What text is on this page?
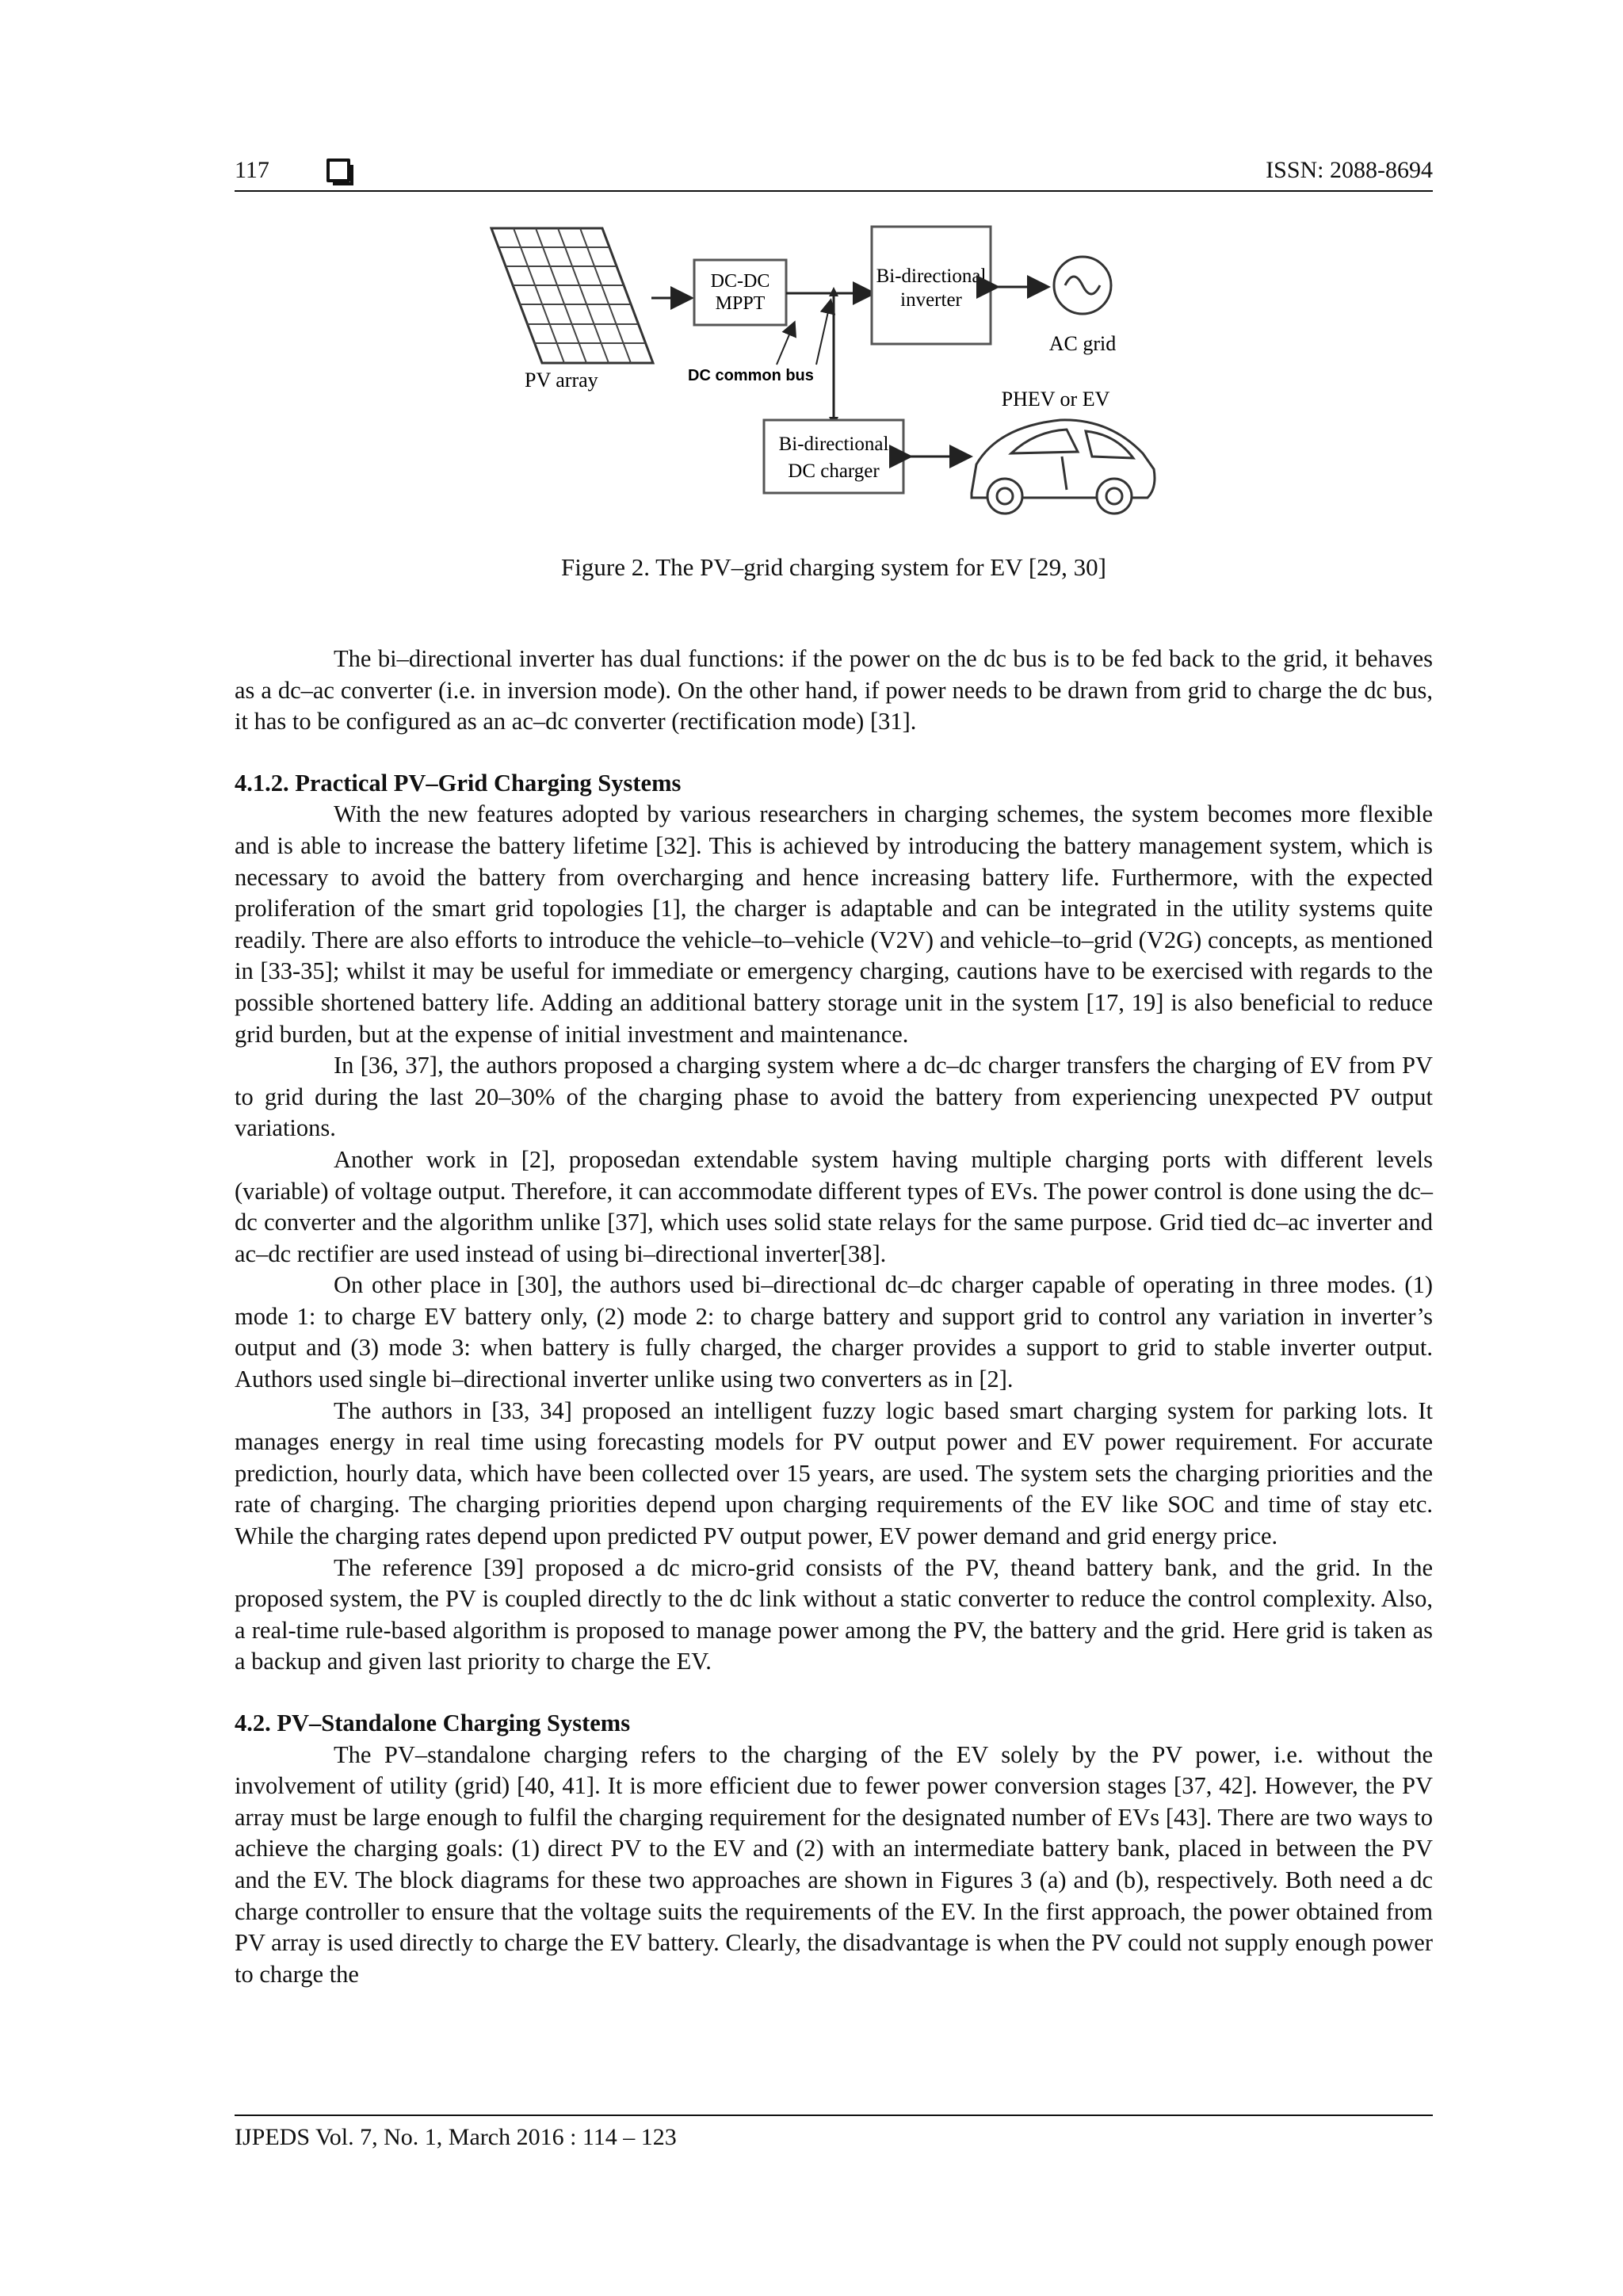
117	ISSN: 2088-8694
PV array
DC-DC
MPPT
DC common bus
Bi-directional
inverter
AC grid
Bi-directional
DC charger
PHEV or EV
Figure 2. The PV–grid charging system for EV [29, 30]

The bi–directional inverter has dual functions: if the power on the dc bus is to be fed back to the grid, it behaves as a dc–ac converter (i.e. in inversion mode). On the other hand, if power needs to be drawn from grid to charge the dc bus, it has to be configured as an ac–dc converter (rectification mode) [31].

4.1.2. Practical PV–Grid Charging Systems

With the new features adopted by various researchers in charging schemes, the system becomes more flexible and is able to increase the battery lifetime [32]. This is achieved by introducing the battery management system, which is necessary to avoid the battery from overcharging and hence increasing battery life. Furthermore, with the expected proliferation of the smart grid topologies [1], the charger is adaptable and can be integrated in the utility systems quite readily. There are also efforts to introduce the vehicle–to–vehicle (V2V) and vehicle–to–grid (V2G) concepts, as mentioned in [33-35]; whilst it may be useful for immediate or emergency charging, cautions have to be exercised with regards to the possible shortened battery life. Adding an additional battery storage unit in the system [17, 19] is also beneficial to reduce grid burden, but at the expense of initial investment and maintenance.

In [36, 37], the authors proposed a charging system where a dc–dc charger transfers the charging of EV from PV to grid during the last 20–30% of the charging phase to avoid the battery from experiencing unexpected PV output variations.

Another work in [2], proposedan extendable system having multiple charging ports with different levels (variable) of voltage output. Therefore, it can accommodate different types of EVs. The power control is done using the dc–dc converter and the algorithm unlike [37], which uses solid state relays for the same purpose. Grid tied dc–ac inverter and ac–dc rectifier are used instead of using bi–directional inverter[38].

On other place in [30], the authors used bi–directional dc–dc charger capable of operating in three modes. (1) mode 1: to charge EV battery only, (2) mode 2: to charge battery and support grid to control any variation in inverter’s output and (3) mode 3: when battery is fully charged, the charger provides a support to grid to stable inverter output. Authors used single bi–directional inverter unlike using two converters as in [2].

The authors in [33, 34] proposed an intelligent fuzzy logic based smart charging system for parking lots. It manages energy in real time using forecasting models for PV output power and EV power requirement. For accurate prediction, hourly data, which have been collected over 15 years, are used. The system sets the charging priorities and the rate of charging. The charging priorities depend upon charging requirements of the EV like SOC and time of stay etc. While the charging rates depend upon predicted PV output power, EV power demand and grid energy price.

The reference [39] proposed a dc micro-grid consists of the PV, theand battery bank, and the grid. In the proposed system, the PV is coupled directly to the dc link without a static converter to reduce the control complexity. Also, a real-time rule-based algorithm is proposed to manage power among the PV, the battery and the grid. Here grid is taken as a backup and given last priority to charge the EV.

4.2. PV–Standalone Charging Systems

The PV–standalone charging refers to the charging of the EV solely by the PV power, i.e. without the involvement of utility (grid) [40, 41]. It is more efficient due to fewer power conversion stages [37, 42]. However, the PV array must be large enough to fulfil the charging requirement for the designated number of EVs [43]. There are two ways to achieve the charging goals: (1) direct PV to the EV and (2) with an intermediate battery bank, placed in between the PV and the EV. The block diagrams for these two approaches are shown in Figures 3 (a) and (b), respectively. Both need a dc charge controller to ensure that the voltage suits the requirements of the EV. In the first approach, the power obtained from PV array is used directly to charge the EV battery. Clearly, the disadvantage is when the PV could not supply enough power to charge the

IJPEDS Vol. 7, No. 1, March 2016 : 114 – 123
